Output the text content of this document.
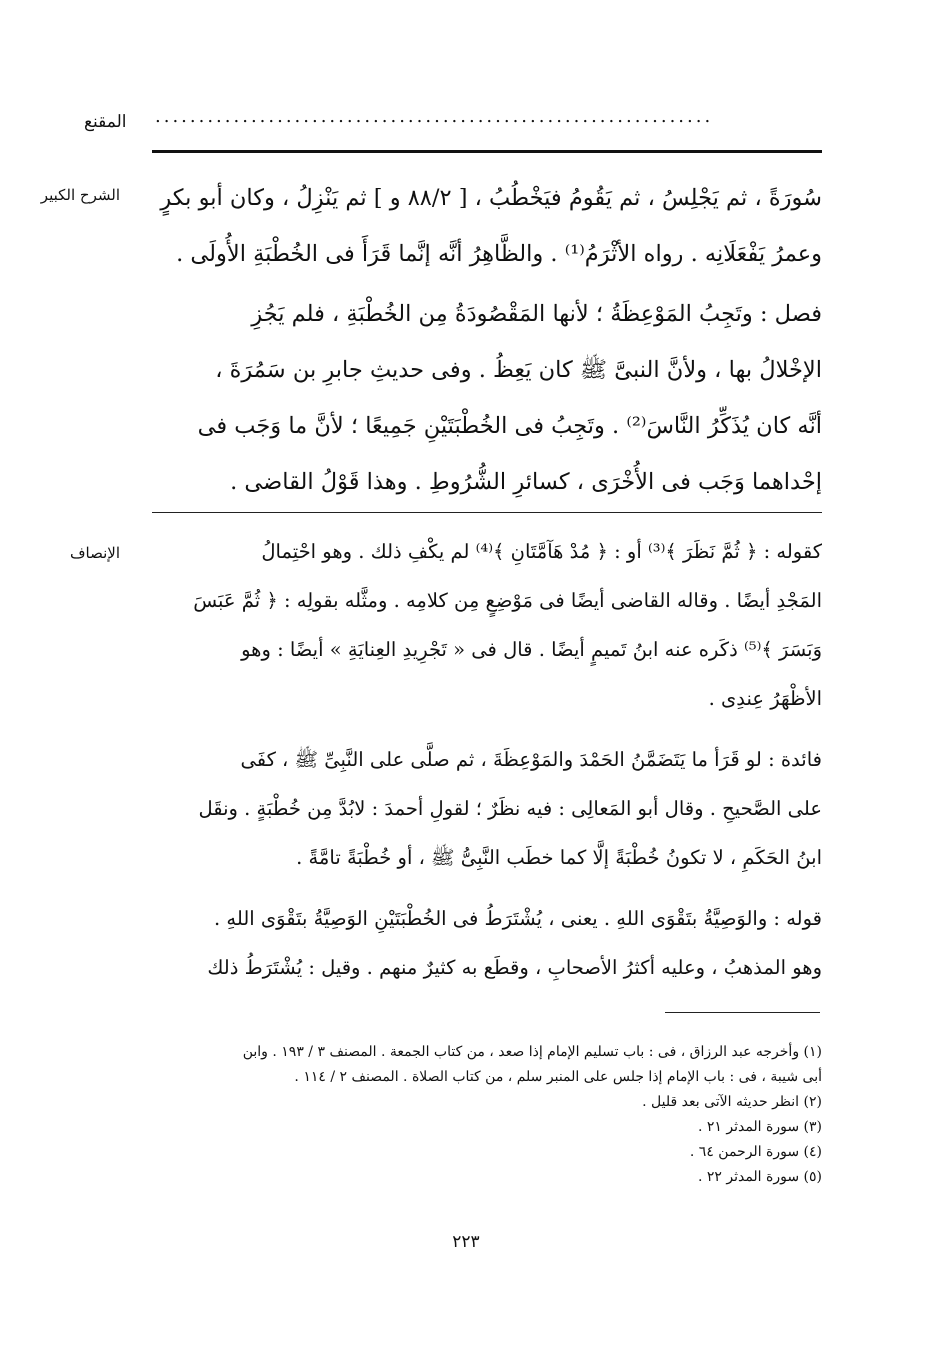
المقنع ................................................................
الشرح الكبير
الإنصاف
سُورَةً ، ثم يَجْلِسُ ، ثم يَقُومُ فيَخْطُبُ ، [ ٨٨/٢ و ] ثم يَنْزِلُ ، وكان أبو بكرٍ
وعمرُ يَفْعَلَانِه . رواه الأثْرَمُ⁽¹⁾ . والظَّاهِرُ أنَّه إنَّما قَرَأَ فى الخُطْبَةِ الأُولَى .
فصل : وتَجِبُ المَوْعِظَةُ ؛ لأنها المَقْصُودَةُ مِن الخُطْبَةِ ، فلم يَجُزِ
الإخْلالُ بها ، ولأنَّ النبىَّ ﷺ كان يَعِظُ . وفى حديثِ جابرِ بن سَمُرَةَ ،
أنَّه كان يُذَكِّرُ النَّاسَ⁽²⁾ . وتَجِبُ فى الخُطْبَتَيْنِ جَمِيعًا ؛ لأنَّ ما وَجَب فى
إحْداهما وَجَب فى الأُخْرَى ، كسائرِ الشُّرُوطِ . وهذا قَوْلُ القاضى .
كقوله : ﴿ ثُمَّ نَظَرَ ﴾⁽³⁾ أو : ﴿ مُدْ هَآمَّتَانِ ﴾⁽⁴⁾ لم يكْفِ ذلك . وهو احْتِمالُ
المَجْدِ أيضًا . وقاله القاضى أيضًا فى مَوْضِعٍ مِن كلامِه . ومثَّله بقولِه : ﴿ ثُمَّ عَبَسَ
وَبَسَرَ ﴾⁽⁵⁾ ذكَره عنه ابنُ تَميمٍ أيضًا . قال فى « تَجْرِيدِ العِنايَةِ » أيضًا : وهو
الأظْهَرُ عِندِى .
فائدة : لو قَرَأ ما يَتَضَمَّنُ الحَمْدَ والمَوْعِظَةَ ، ثم صلَّى على النَّبِىِّ ﷺ ، كفَى
على الصَّحيحِ . وقال أبو المَعالِى : فيه نظَرٌ ؛ لقولِ أحمدَ : لابُدَّ مِن خُطْبَةٍ . ونقَل
ابنُ الحَكَمِ ، لا تكونُ خُطْبَةً إلَّا كما خطَب النَّبِىُّ ﷺ ، أو خُطْبَةً تامَّةً .
قوله : والوَصِيَّةُ بتَقْوَى اللهِ . يعنى ، يُشْتَرَطُ فى الخُطْبَتَيْنِ الوَصِيَّةُ بتَقْوَى اللهِ .
وهو المذهبُ ، وعليه أكثرُ الأصحابِ ، وقطَع به كثيرٌ منهم . وقيل : يُشْتَرَطُ ذلك
(١) وأخرجه عبد الرزاق ، فى : باب تسليم الإمام إذا صعد ، من كتاب الجمعة . المصنف ٣ / ١٩٣ . وابن
أبى شيبة ، فى : باب الإمام إذا جلس على المنبر سلم ، من كتاب الصلاة . المصنف ٢ / ١١٤ .
(٢) انظر حديثه الآتى بعد قليل .
(٣) سورة المدثر ٢١ .
(٤) سورة الرحمن ٦٤ .
(٥) سورة المدثر ٢٢ .
٢٢٣
